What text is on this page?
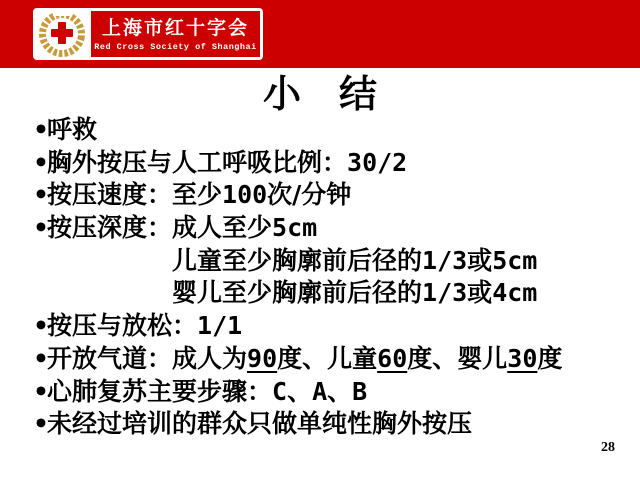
上海市红十字会
Red Cross Society of Shanghai
小　结
•呼救
•胸外按压与人工呼吸比例：30/2
•按压速度：至少100次/分钟
•按压深度：成人至少5cm
儿童至少胸廓前后径的1/3或5cm
婴儿至少胸廓前后径的1/3或4cm
•按压与放松：1/1
•开放气道：成人为90度、儿童60度、婴儿30度
•心肺复苏主要步骤：C、A、B
•未经过培训的群众只做单纯性胸外按压
28
